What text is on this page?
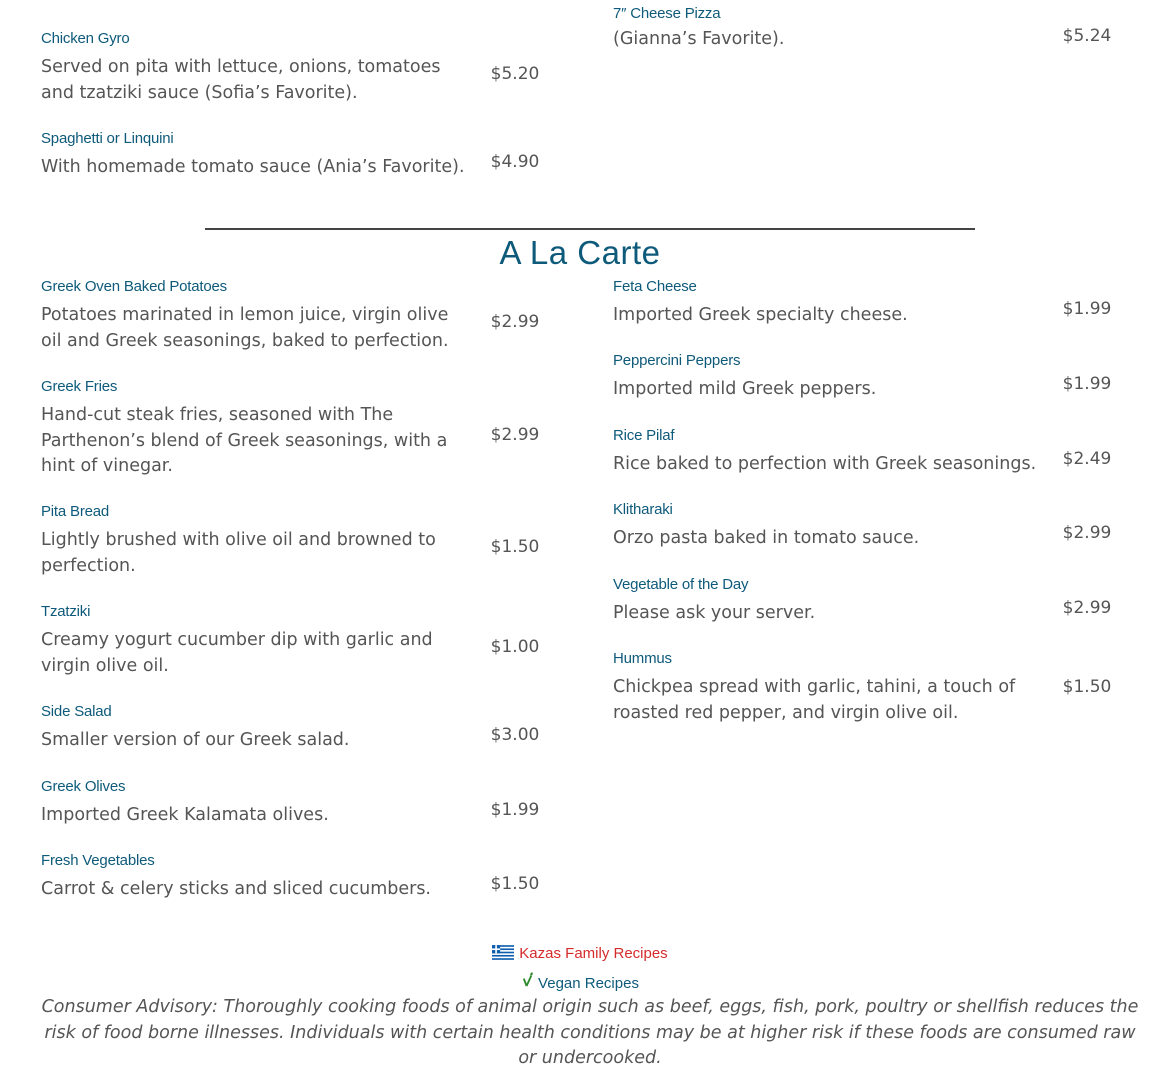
Chicken Gyro
Served on pita with lettuce, onions, tomatoes and tzatziki sauce (Sofia’s Favorite).
$5.20
Spaghetti or Linquini
With homemade tomato sauce (Ania’s Favorite).	$4.90
7″ Cheese Pizza
(Gianna’s Favorite).	$5.24
A La Carte
Greek Oven Baked Potatoes
Potatoes marinated in lemon juice, virgin olive oil and Greek seasonings, baked to perfection.
$2.99
Greek Fries
Hand-cut steak fries, seasoned with The Parthenon’s blend of Greek seasonings, with a hint of vinegar.
$2.99
Pita Bread
Lightly brushed with olive oil and browned to perfection.
$1.50
Tzatziki
Creamy yogurt cucumber dip with garlic and virgin olive oil.
$1.00
Side Salad
Smaller version of our Greek salad.	$3.00
Greek Olives
Imported Greek Kalamata olives.	$1.99
Fresh Vegetables
Carrot & celery sticks and sliced cucumbers.	$1.50
Feta Cheese
Imported Greek specialty cheese.	$1.99
Peppercini Peppers
Imported mild Greek peppers.	$1.99
Rice Pilaf
Rice baked to perfection with Greek seasonings.	$2.49
Klitharaki
Orzo pasta baked in tomato sauce.	$2.99
Vegetable of the Day
Please ask your server.	$2.99
Hummus
Chickpea spread with garlic, tahini, a touch of roasted red pepper, and virgin olive oil.
$1.50
Kazas Family Recipes
Vegan Recipes
Consumer Advisory: Thoroughly cooking foods of animal origin such as beef, eggs, fish, pork, poultry or shellfish reduces the risk of food borne illnesses. Individuals with certain health conditions may be at higher risk if these foods are consumed raw or undercooked.
